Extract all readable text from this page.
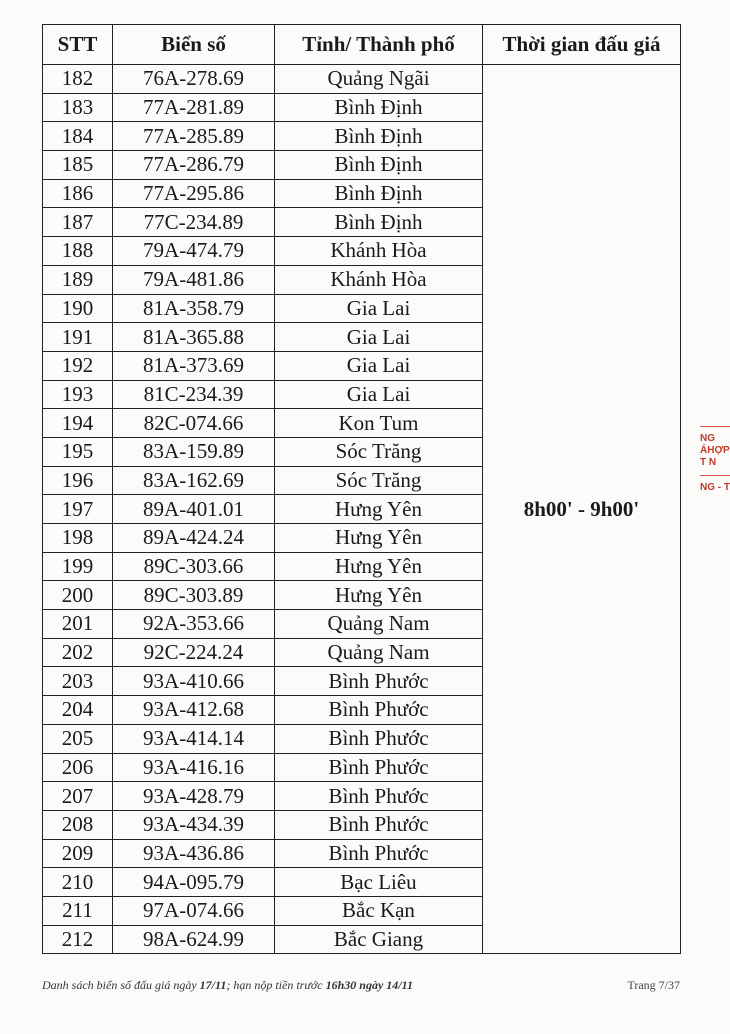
STT	Biển số	Tỉnh/ Thành phố	Thời gian đấu giá
182	76A-278.69	Quảng Ngãi	8h00' - 9h00'
183	77A-281.89	Bình Định	
184	77A-285.89	Bình Định	
185	77A-286.79	Bình Định	
186	77A-295.86	Bình Định	
187	77C-234.89	Bình Định	
188	79A-474.79	Khánh Hòa	
189	79A-481.86	Khánh Hòa	
190	81A-358.79	Gia Lai	
191	81A-365.88	Gia Lai	
192	81A-373.69	Gia Lai	
193	81C-234.39	Gia Lai	
194	82C-074.66	Kon Tum	
195	83A-159.89	Sóc Trăng	
196	83A-162.69	Sóc Trăng	
197	89A-401.01	Hưng Yên	
198	89A-424.24	Hưng Yên	
199	89C-303.66	Hưng Yên	
200	89C-303.89	Hưng Yên	
201	92A-353.66	Quảng Nam	
202	92C-224.24	Quảng Nam	
203	93A-410.66	Bình Phước	
204	93A-412.68	Bình Phước	
205	93A-414.14	Bình Phước	
206	93A-416.16	Bình Phước	
207	93A-428.79	Bình Phước	
208	93A-434.39	Bình Phước	
209	93A-436.86	Bình Phước	
210	94A-095.79	Bạc Liêu	
211	97A-074.66	Bắc Kạn	
212	98A-624.99	Bắc Giang	
Danh sách biển số đấu giá ngày 17/11; hạn nộp tiền trước 16h30 ngày 14/11	Trang 7/37
NG
ÁHỢP
T N
NG - T
